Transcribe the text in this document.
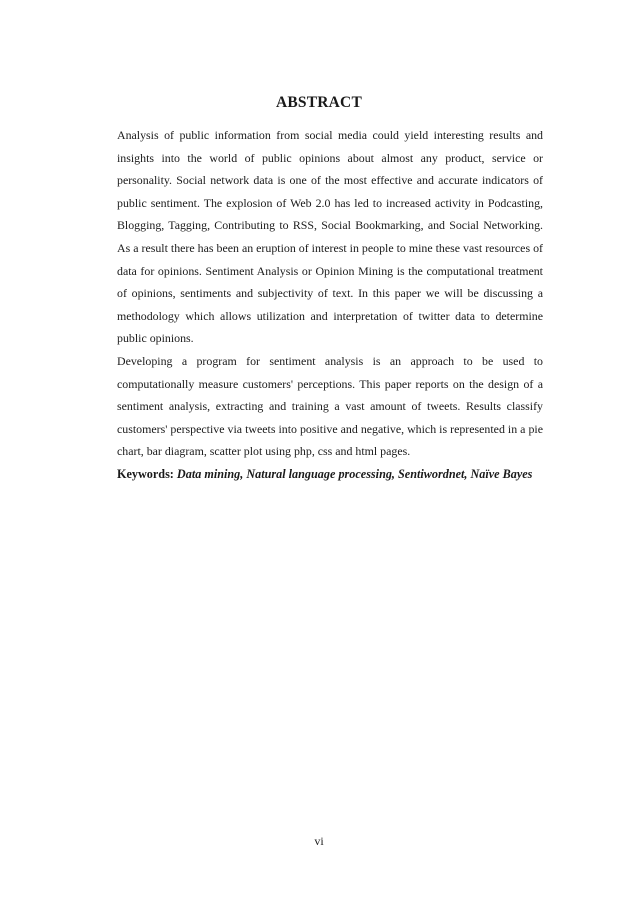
ABSTRACT

Analysis of public information from social media could yield interesting results and insights into the world of public opinions about almost any product, service or personality. Social network data is one of the most effective and accurate indicators of public sentiment. The explosion of Web 2.0 has led to increased activity in Podcasting, Blogging, Tagging, Contributing to RSS, Social Bookmarking, and Social Networking. As a result there has been an eruption of interest in people to mine these vast resources of data for opinions. Sentiment Analysis or Opinion Mining is the computational treatment of opinions, sentiments and subjectivity of text. In this paper we will be discussing a methodology which allows utilization and interpretation of twitter data to determine public opinions.

Developing a program for sentiment analysis is an approach to be used to computationally measure customers' perceptions. This paper reports on the design of a sentiment analysis, extracting and training a vast amount of tweets. Results classify customers' perspective via tweets into positive and negative, which is represented in a pie chart, bar diagram, scatter plot using php, css and html pages.

Keywords: Data mining, Natural language processing, Sentiwordnet, Naïve Bayes

vi
